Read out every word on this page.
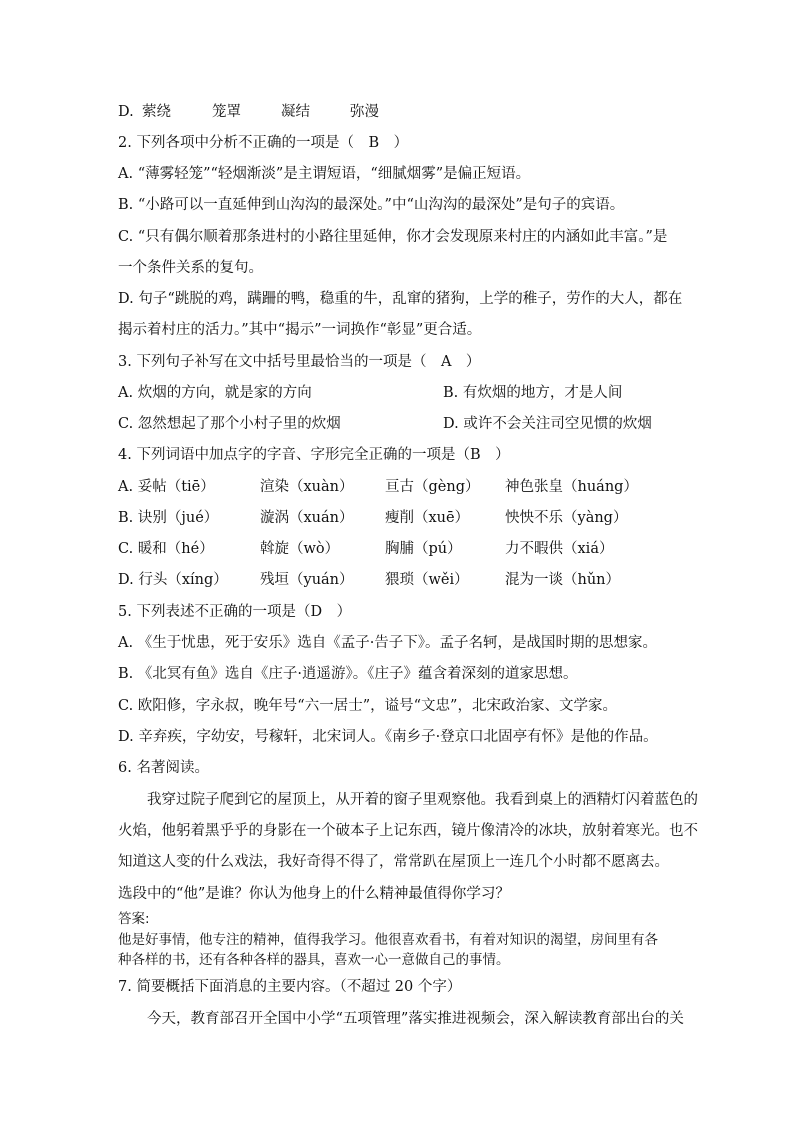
D. 萦绕	笼罩	凝结	弥漫
2. 下列各项中分析不正确的一项是（　B　）
A. “薄雾轻笼”“轻烟渐淡”是主谓短语，“细腻烟雾”是偏正短语。
B. “小路可以一直延伸到山沟沟的最深处。”中“山沟沟的最深处”是句子的宾语。
C. “只有偶尔顺着那条进村的小路往里延伸，你才会发现原来村庄的内涵如此丰富。”是
一个条件关系的复句。
D. 句子“跳脱的鸡，蹒跚的鸭，稳重的牛，乱窜的猪狗，上学的稚子，劳作的大人，都在
揭示着村庄的活力。”其中“揭示”一词换作“彰显”更合适。
3. 下列句子补写在文中括号里最恰当的一项是（　A　）
A. 炊烟的方向，就是家的方向	B. 有炊烟的地方，才是人间
C. 忽然想起了那个小村子里的炊烟	D. 或许不会关注司空见惯的炊烟
4. 下列词语中加点字的字音、字形完全正确的一项是（B　）
A. 妥帖（tiē）	渲染（xuàn） 亘古（gèng） 神色张皇（huáng）
B. 诀别（jué）	漩涡（xuán） 瘦削（xuē） 怏怏不乐（yàng）
C. 暖和（hé）	斡旋（wò）	胸脯（pú）	力不暇供（xiá）
D. 行头（xíng） 残垣（yuán） 猥琐（wěi）	混为一谈（hǔn）
5. 下列表述不正确的一项是（D　）
A. 《生于忧患，死于安乐》选自《孟子·告子下》。孟子名轲，是战国时期的思想家。
B. 《北冥有鱼》选自《庄子·逍遥游》。《庄子》蕴含着深刻的道家思想。
C. 欧阳修，字永叔，晚年号“六一居士”，谥号“文忠”，北宋政治家、文学家。
D. 辛弃疾，字幼安，号稼轩，北宋词人。《南乡子·登京口北固亭有怀》是他的作品。
6. 名著阅读。
　　我穿过院子爬到它的屋顶上，从开着的窗子里观察他。我看到桌上的酒精灯闪着蓝色的
火焰，他躬着黑乎乎的身影在一个破本子上记东西，镜片像清冷的冰块，放射着寒光。也不
知道这人变的什么戏法，我好奇得不得了，常常趴在屋顶上一连几个小时都不愿离去。
选段中的“他”是谁？你认为他身上的什么精神最值得你学习？
答案:
他是好事情，他专注的精神，值得我学习。他很喜欢看书，有着对知识的渴望，房间里有各
种各样的书，还有各种各样的器具，喜欢一心一意做自己的事情。
7. 简要概括下面消息的主要内容。（不超过 20 个字）
　　今天，教育部召开全国中小学“五项管理”落实推进视频会，深入解读教育部出台的关
